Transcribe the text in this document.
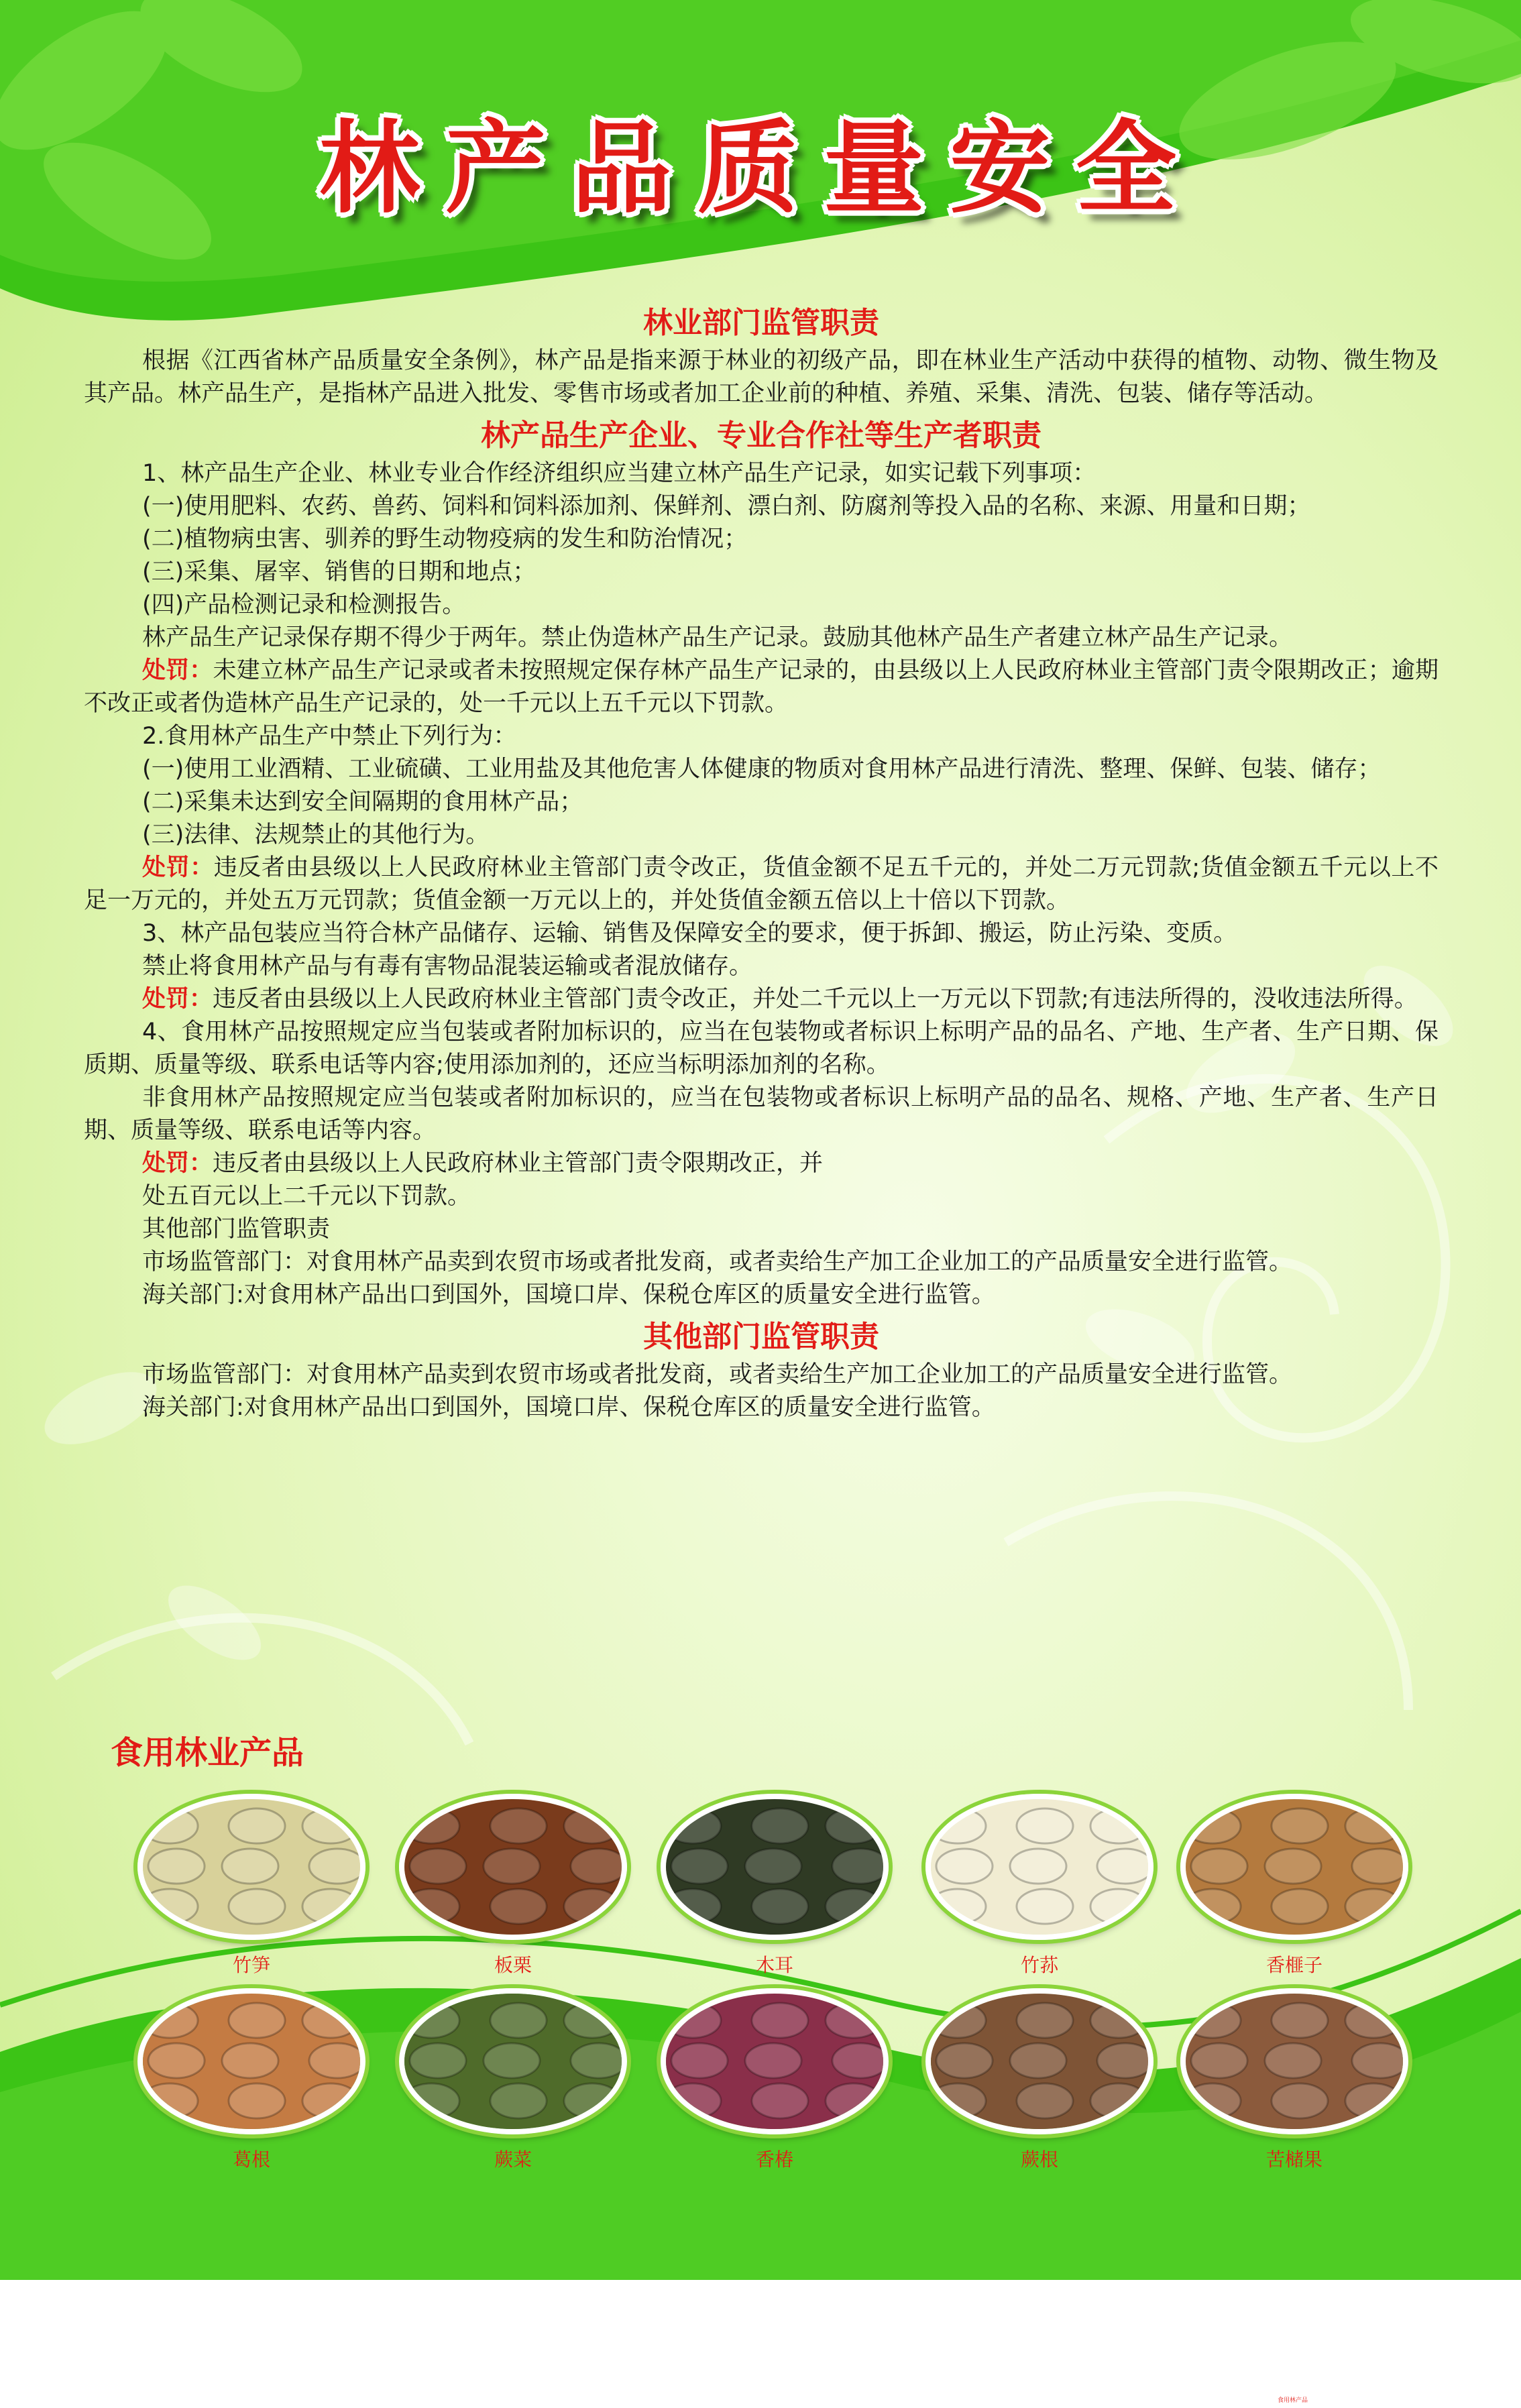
林产品质量安全
林业部门监管职责

根据《江西省林产品质量安全条例》，林产品是指来源于林业的初级产品，即在林业生产活动中获得的植物、动物、微生物及其产品。林产品生产，是指林产品进入批发、零售市场或者加工企业前的种植、养殖、采集、清洗、包装、储存等活动。

林产品生产企业、专业合作社等生产者职责

1、林产品生产企业、林业专业合作经济组织应当建立林产品生产记录，如实记载下列事项：

(一)使用肥料、农药、兽药、饲料和饲料添加剂、保鲜剂、漂白剂、防腐剂等投入品的名称、来源、用量和日期；

(二)植物病虫害、驯养的野生动物疫病的发生和防治情况；

(三)采集、屠宰、销售的日期和地点；

(四)产品检测记录和检测报告。

林产品生产记录保存期不得少于两年。禁止伪造林产品生产记录。鼓励其他林产品生产者建立林产品生产记录。

处罚：未建立林产品生产记录或者未按照规定保存林产品生产记录的，由县级以上人民政府林业主管部门责令限期改正；逾期不改正或者伪造林产品生产记录的，处一千元以上五千元以下罚款。

2.食用林产品生产中禁止下列行为：

(一)使用工业酒精、工业硫磺、工业用盐及其他危害人体健康的物质对食用林产品进行清洗、整理、保鲜、包装、储存；

(二)采集未达到安全间隔期的食用林产品；

(三)法律、法规禁止的其他行为。

处罚：违反者由县级以上人民政府林业主管部门责令改正，货值金额不足五千元的，并处二万元罚款;货值金额五千元以上不足一万元的，并处五万元罚款；货值金额一万元以上的，并处货值金额五倍以上十倍以下罚款。

3、林产品包装应当符合林产品储存、运输、销售及保障安全的要求，便于拆卸、搬运，防止污染、变质。

禁止将食用林产品与有毒有害物品混装运输或者混放储存。

处罚：违反者由县级以上人民政府林业主管部门责令改正，并处二千元以上一万元以下罚款;有违法所得的，没收违法所得。

4、食用林产品按照规定应当包装或者附加标识的，应当在包装物或者标识上标明产品的品名、产地、生产者、生产日期、保质期、质量等级、联系电话等内容;使用添加剂的，还应当标明添加剂的名称。

非食用林产品按照规定应当包装或者附加标识的，应当在包装物或者标识上标明产品的品名、规格、产地、生产者、生产日期、质量等级、联系电话等内容。

处罚：违反者由县级以上人民政府林业主管部门责令限期改正，并

处五百元以上二千元以下罚款。

其他部门监管职责

市场监管部门：对食用林产品卖到农贸市场或者批发商，或者卖给生产加工企业加工的产品质量安全进行监管。

海关部门:对食用林产品出口到国外，国境口岸、保税仓库区的质量安全进行监管。

其他部门监管职责

市场监管部门：对食用林产品卖到农贸市场或者批发商，或者卖给生产加工企业加工的产品质量安全进行监管。

海关部门:对食用林产品出口到国外，国境口岸、保税仓库区的质量安全进行监管。

食用林业产品
竹笋	板栗	木耳	竹荪	香榧子
葛根	蕨菜	香椿	蕨根	苦槠果
食用林产品
